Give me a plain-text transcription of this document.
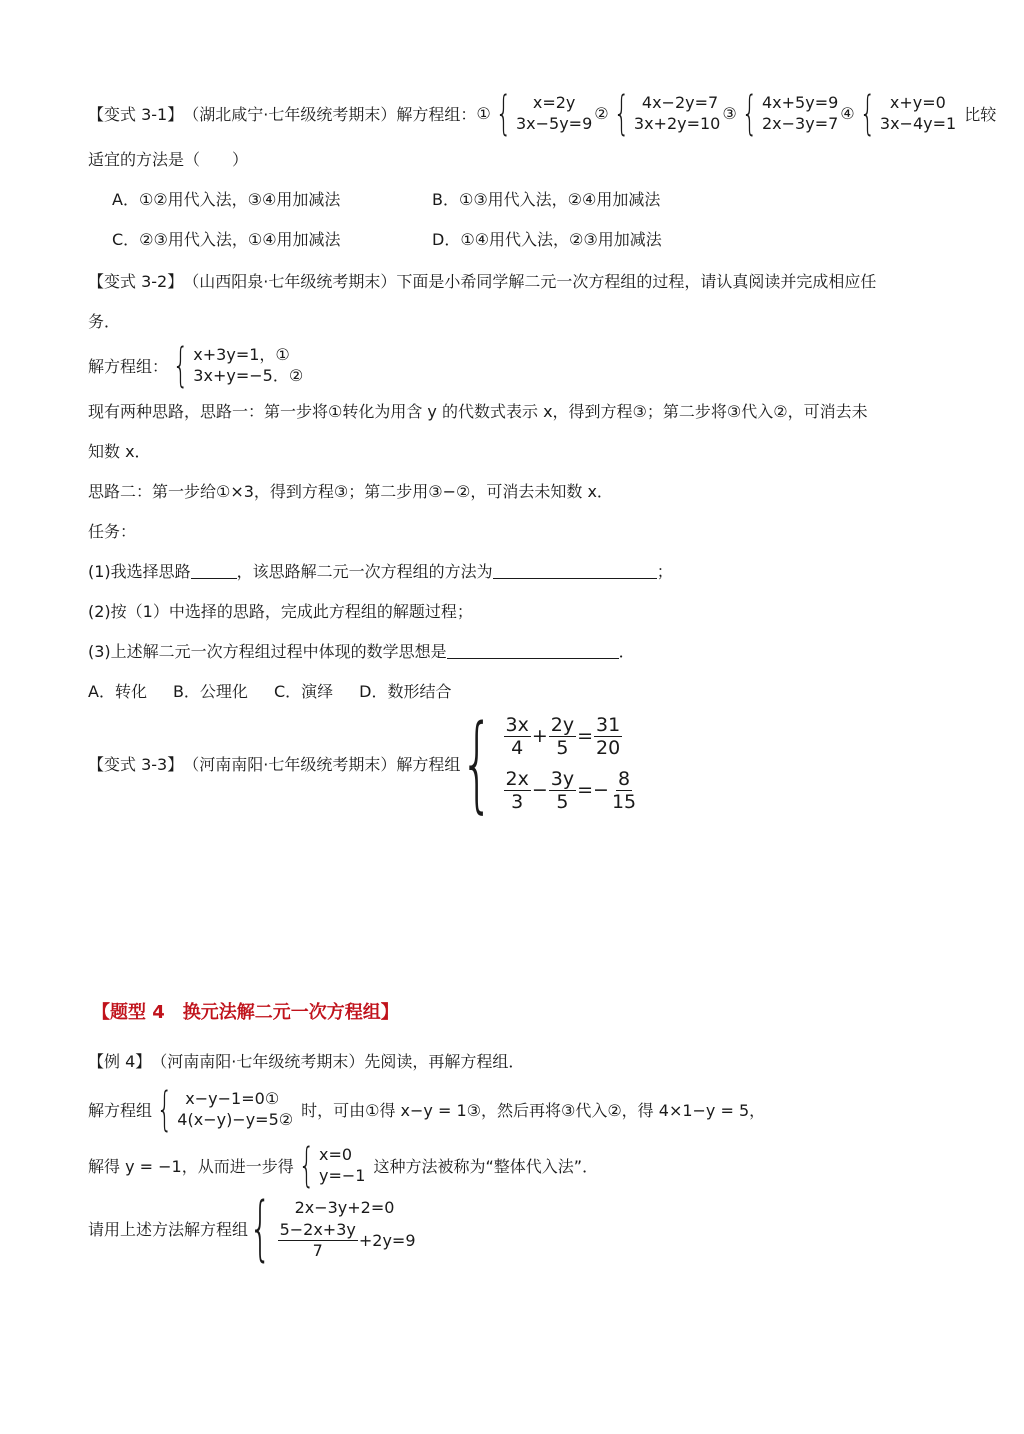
【变式 3-1】 （湖北咸宁·七年级统考期末） 解方程组： ① {	x=2y
3x−5y=9
② { 4x−2y=7
3x+2y=10
③ { 4x+5y=9
2x−3y=7
④ { x+y=0
3x−4y=1 比较
适宜的方法是（　　）
A．①②用代入法，③④用加减法	B．①③用代入法，②④用加减法
C．②③用代入法，①④用加减法	D．①④用代入法，②③用加减法
【变式 3-2】 （山西阳泉·七年级统考期末）下面是小希同学解二元一次方程组的过程，请认真阅读并完成相应任
务．
解方程组： { x+3y=1，①
3x+y=−5．②
现有两种思路，思路一：第一步将①转化为用含 y 的代数式表示 x，得到方程③；第二步将③代入②，可消去未
知数 x．
思路二：第一步给①×3，得到方程③；第二步用③−②，可消去未知数 x．
任务：
(1)我选择思路	，该思路解二元一次方程组的方法为	；
(2)按（1）中选择的思路，完成此方程组的解题过程；
(3)上述解二元一次方程组过程中体现的数学思想是	．
A．转化 B．公理化 C．演绎 D．数形结合
【变式 3-3】 （河南南阳·七年级统考期末）解方程组 { $\frac{3x}{4} + \frac{2y}{5} = \frac{31}{20}$
$\frac{2x}{3} - \frac{3y}{5} =- \frac{8}{15}$
【题型 4　换元法解二元一次方程组】
【例 4】 （河南南阳·七年级统考期末）先阅读，再解方程组．
解方程组 { x−y−1=0①
4(x−y)−y=5② 时，可由①得 x−y = 1③，然后再将③代入②，得 4×1−y = 5，
解得 y = −1，从而进一步得 { x=0
y=−1 这种方法被称为“整体代入法”．
请用上述方法解方程组 {	2x−3y+2=0
$\frac{5-2x+3y}{7} +2y=9$
